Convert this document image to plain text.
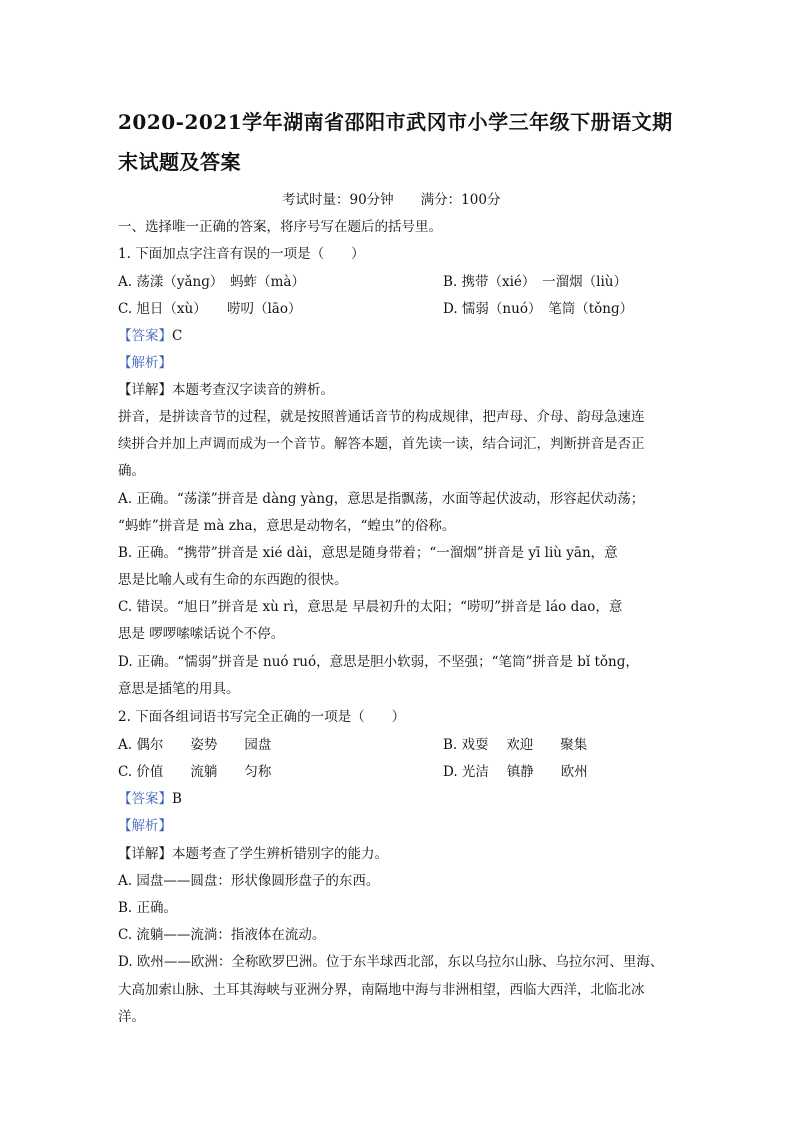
2020-2021学年湖南省邵阳市武冈市小学三年级下册语文期末试题及答案
考试时量：90分钟　　满分：100分
一、选择唯一正确的答案，将序号写在题后的括号里。
1. 下面加点字注音有误的一项是（　　）
A. 荡漾（yǎnɡ）　蚂蚱（mà）	B. 携带（xié）　一溜烟（liù）
C. 旭日（xù）　　唠叨（lāo）	D. 懦弱（nuó）　笔筒（tǒnɡ）
【答案】C
【解析】
【详解】本题考查汉字读音的辨析。
拼音，是拼读音节的过程，就是按照普通话音节的构成规律，把声母、介母、韵母急速连
续拼合并加上声调而成为一个音节。解答本题，首先读一读，结合词汇，判断拼音是否正
确。
A. 正确。“荡漾”拼音是 dànɡ yànɡ，意思是指飘荡，水面等起伏波动，形容起伏动荡；
“蚂蚱”拼音是 mà zha，意思是动物名，“蝗虫”的俗称。
B. 正确。“携带”拼音是 xié dài，意思是随身带着；“一溜烟”拼音是 yī liù yān，意
思是比喻人或有生命的东西跑的很快。
C. 错误。“旭日”拼音是 xù rì，意思是 早晨初升的太阳；“唠叨”拼音是 láo dao，意
思是 啰啰嗦嗦话说个不停。
D. 正确。“懦弱”拼音是 nuó ruó，意思是胆小软弱，不坚强；“笔筒”拼音是 bǐ tǒnɡ，
意思是插笔的用具。
2. 下面各组词语书写完全正确的一项是（　　）
A. 偶尔　　姿势　　园盘	B. 戏耍　 欢迎　　聚集
C. 价值　　流躺　　匀称	D. 光洁　 镇静　　欧州
【答案】B
【解析】
【详解】本题考查了学生辨析错别字的能力。
A. 园盘——圆盘：形状像圆形盘子的东西。
B. 正确。
C. 流躺——流淌：指液体在流动。
D. 欧州——欧洲：全称欧罗巴洲。位于东半球西北部，东以乌拉尔山脉、乌拉尔河、里海、
大高加索山脉、土耳其海峡与亚洲分界，南隔地中海与非洲相望，西临大西洋，北临北冰
洋。
